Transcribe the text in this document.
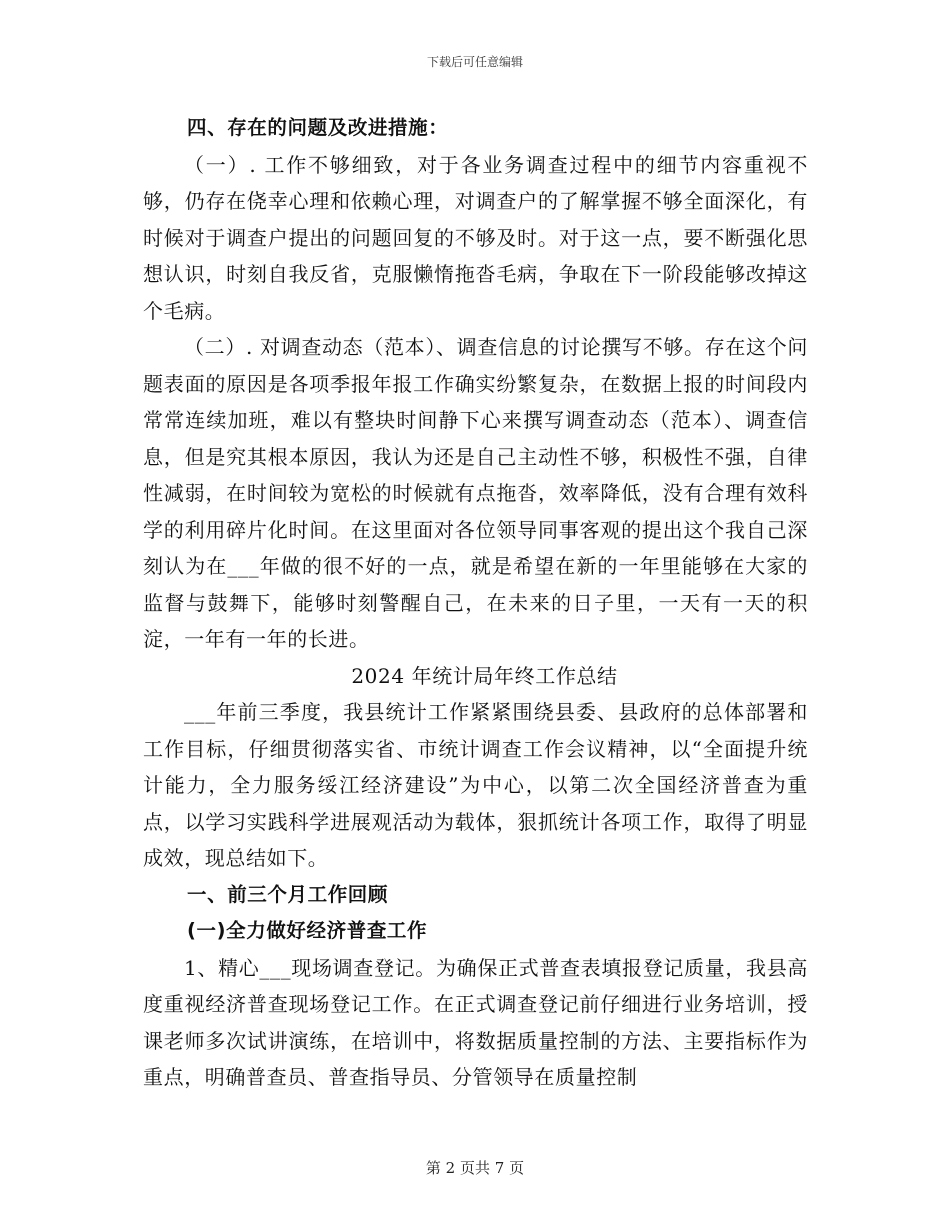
下载后可任意编辑

四、存在的问题及改进措施：

（一）. 工作不够细致，对于各业务调查过程中的细节内容重视不够，仍存在侥幸心理和依赖心理，对调查户的了解掌握不够全面深化，有时候对于调查户提出的问题回复的不够及时。对于这一点，要不断强化思想认识，时刻自我反省，克服懒惰拖沓毛病，争取在下一阶段能够改掉这个毛病。

（二）. 对调查动态（范本）、调查信息的讨论撰写不够。存在这个问题表面的原因是各项季报年报工作确实纷繁复杂，在数据上报的时间段内常常连续加班，难以有整块时间静下心来撰写调查动态（范本）、调查信息，但是究其根本原因，我认为还是自己主动性不够，积极性不强，自律性减弱，在时间较为宽松的时候就有点拖沓，效率降低，没有合理有效科学的利用碎片化时间。在这里面对各位领导同事客观的提出这个我自己深刻认为在___年做的很不好的一点，就是希望在新的一年里能够在大家的监督与鼓舞下，能够时刻警醒自己，在未来的日子里，一天有一天的积淀，一年有一年的长进。

2024 年统计局年终工作总结

___年前三季度，我县统计工作紧紧围绕县委、县政府的总体部署和工作目标，仔细贯彻落实省、市统计调查工作会议精神，以“全面提升统计能力，全力服务绥江经济建设”为中心，以第二次全国经济普查为重点，以学习实践科学进展观活动为载体，狠抓统计各项工作，取得了明显成效，现总结如下。

一、前三个月工作回顾

(一)全力做好经济普查工作

1、精心___现场调查登记。为确保正式普查表填报登记质量，我县高度重视经济普查现场登记工作。在正式调查登记前仔细进行业务培训，授课老师多次试讲演练，在培训中，将数据质量控制的方法、主要指标作为重点，明确普查员、普查指导员、分管领导在质量控制

第 2 页共 7 页
